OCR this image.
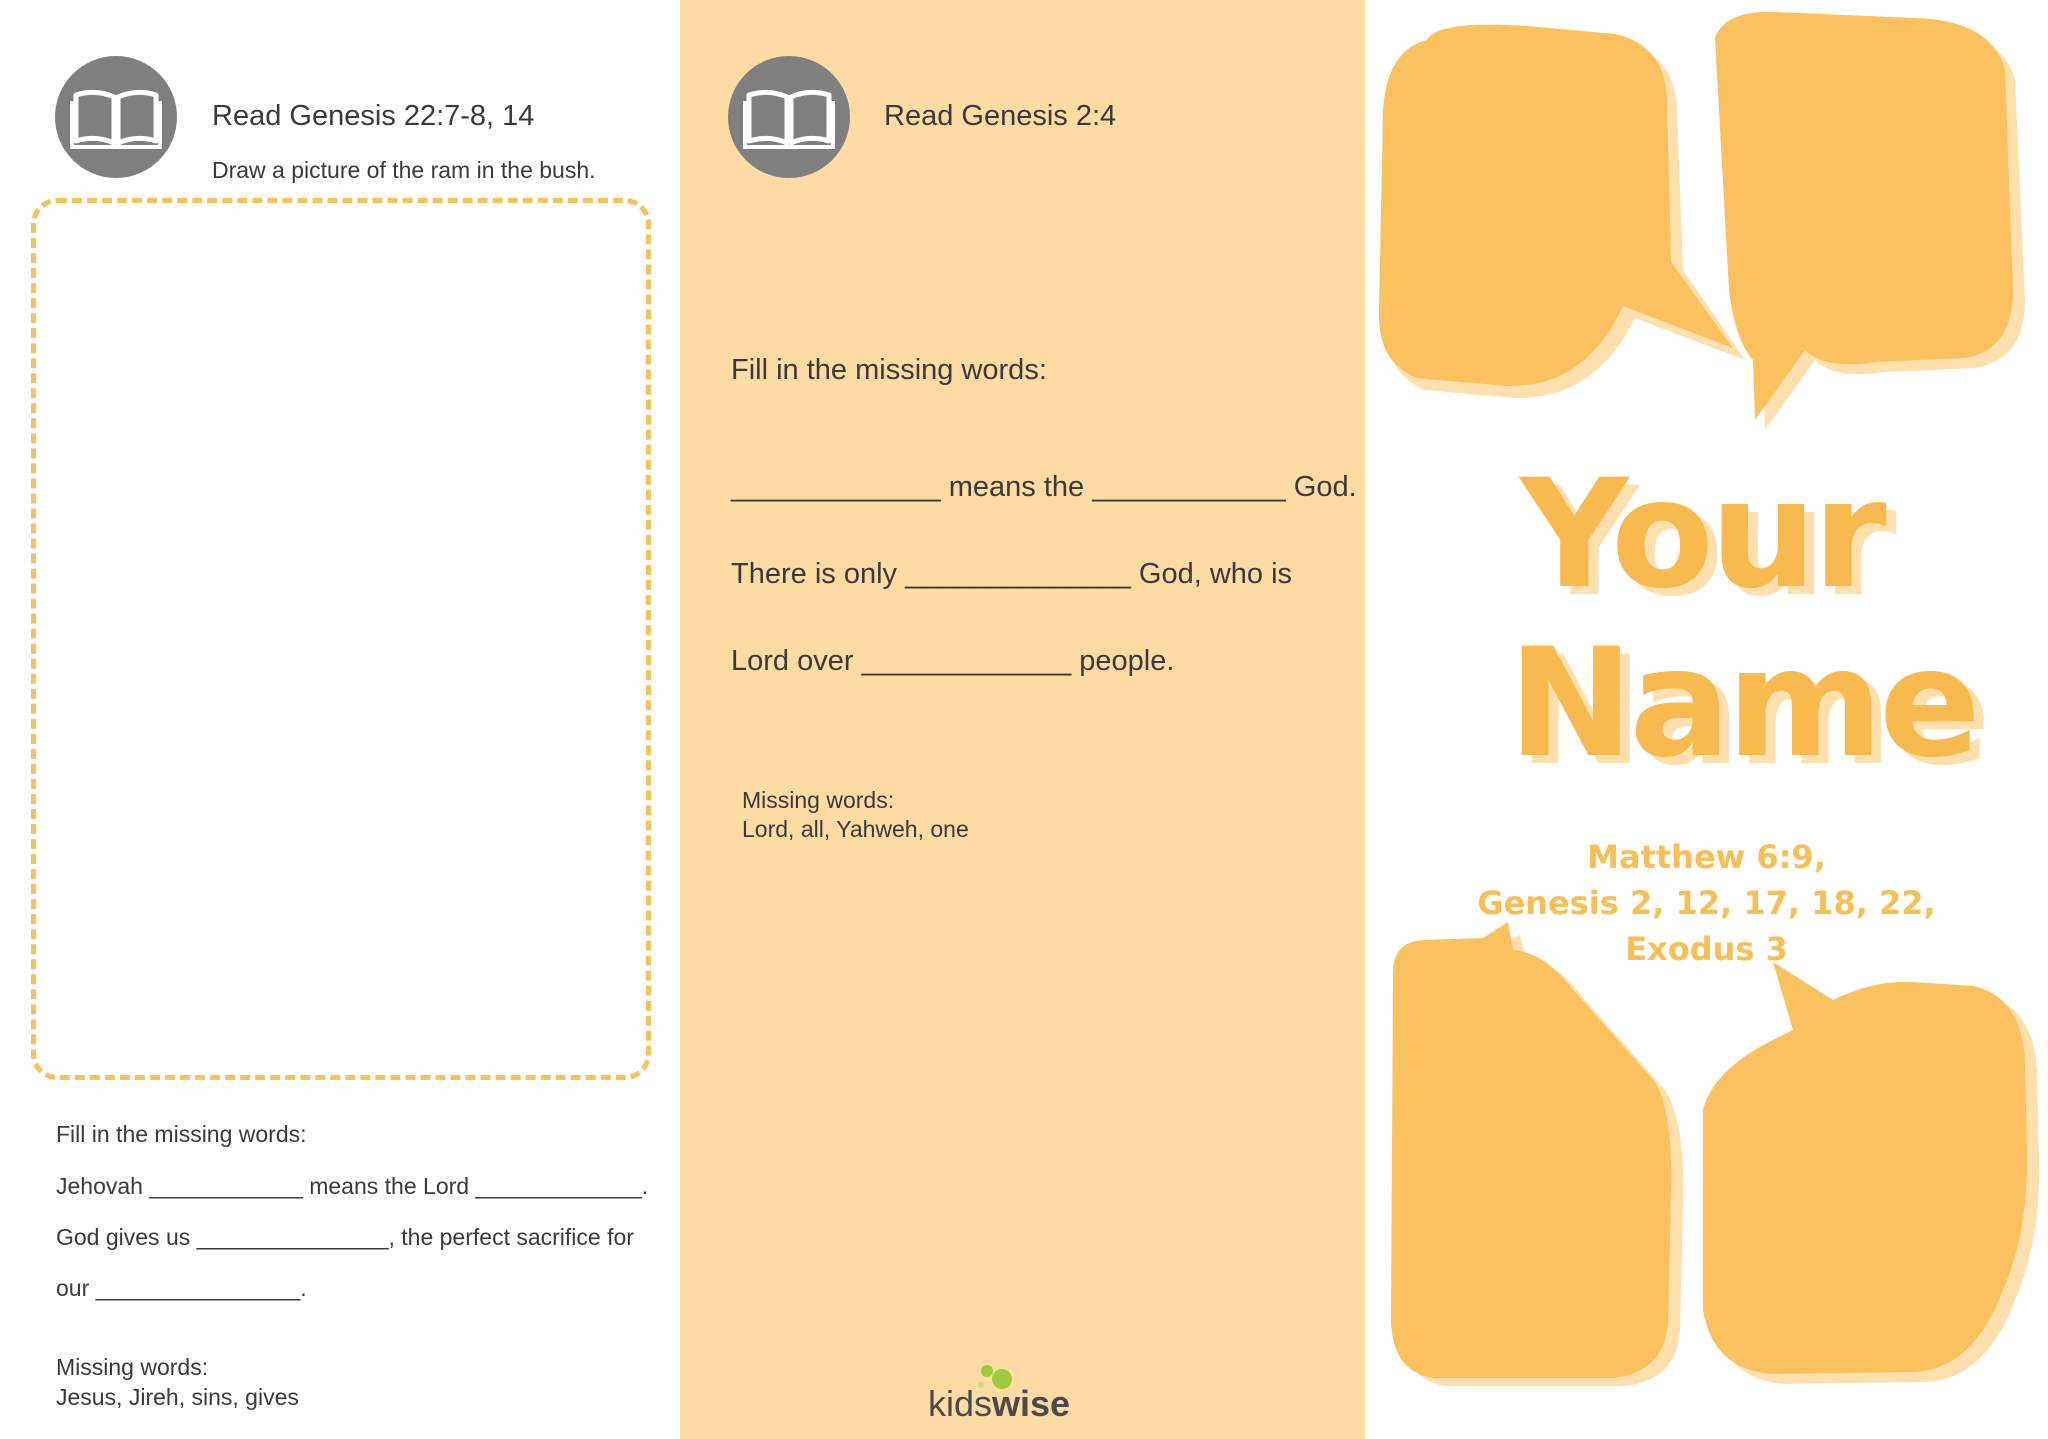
Read Genesis 22:7-8, 14
Draw a picture of the ram in the bush.
Fill in the missing words:
Jehovah ____________ means the Lord _____________.
God gives us _______________, the perfect sacrifice for
our ________________.
Missing words:
Jesus, Jireh, sins, gives
Read Genesis 2:4
Fill in the missing words:
_____________ means the ____________ God.
There is only ______________ God, who is
Lord over _____________ people.
Missing words:
Lord, all, Yahweh, one
kidswise
Your
Name
Matthew 6:9,
Genesis 2, 12, 17, 18, 22,
Exodus 3
